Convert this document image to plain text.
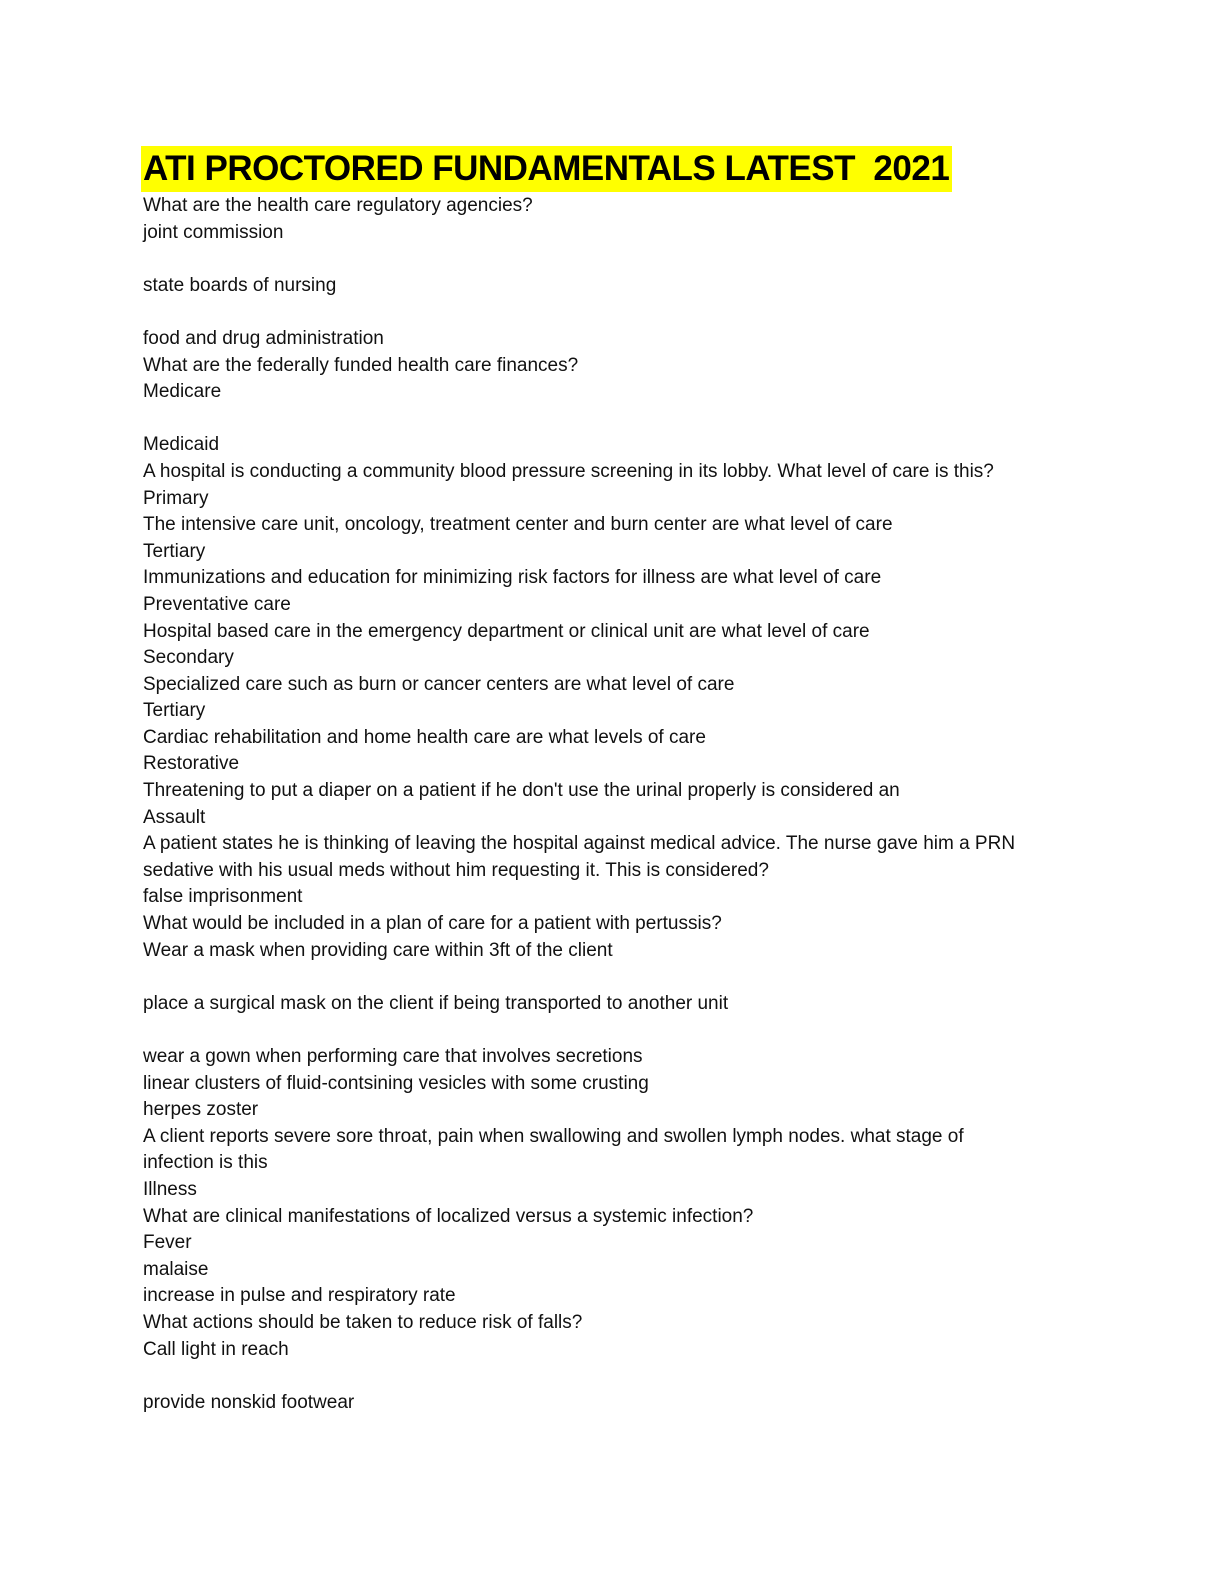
ATI PROCTORED FUNDAMENTALS LATEST  2021
What are the health care regulatory agencies?
joint commission
state boards of nursing
food and drug administration
What are the federally funded health care finances?
Medicare
Medicaid
A hospital is conducting a community blood pressure screening in its lobby. What level of care is this?
Primary
The intensive care unit, oncology, treatment center and burn center are what level of care
Tertiary
Immunizations and education for minimizing risk factors for illness are what level of care
Preventative care
Hospital based care in the emergency department or clinical unit are what level of care
Secondary
Specialized care such as burn or cancer centers are what level of care
Tertiary
Cardiac rehabilitation and home health care are what levels of care
Restorative
Threatening to put a diaper on a patient if he don't use the urinal properly is considered an
Assault
A patient states he is thinking of leaving the hospital against medical advice. The nurse gave him a PRN
sedative with his usual meds without him requesting it. This is considered?
false imprisonment
What would be included in a plan of care for a patient with pertussis?
Wear a mask when providing care within 3ft of the client
place a surgical mask on the client if being transported to another unit
wear a gown when performing care that involves secretions
linear clusters of fluid-contsining vesicles with some crusting
herpes zoster
A client reports severe sore throat, pain when swallowing and swollen lymph nodes. what stage of
infection is this
Illness
What are clinical manifestations of localized versus a systemic infection?
Fever
malaise
increase in pulse and respiratory rate
What actions should be taken to reduce risk of falls?
Call light in reach
provide nonskid footwear
